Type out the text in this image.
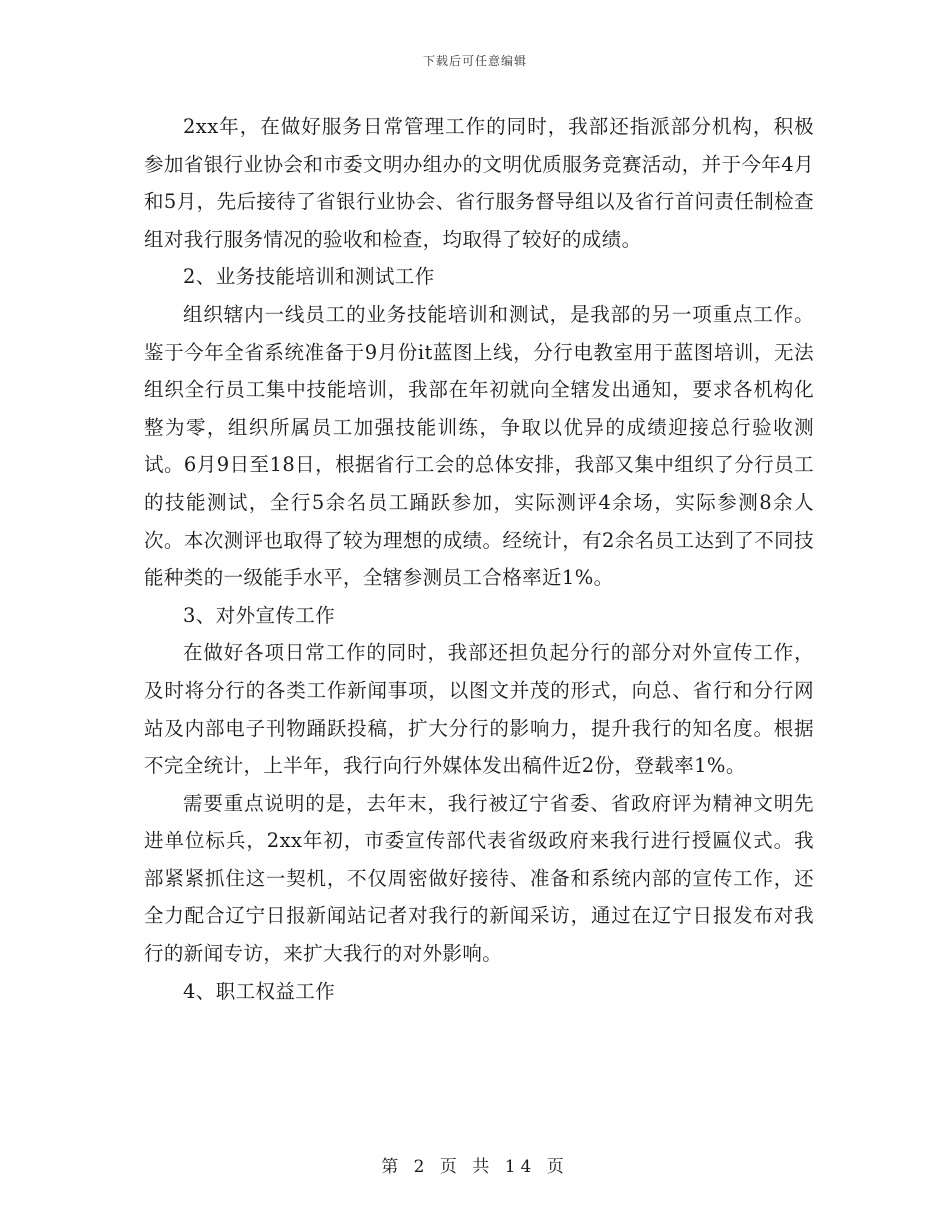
下载后可任意编辑

2xx年，在做好服务日常管理工作的同时，我部还指派部分机构，积极参加省银行业协会和市委文明办组办的文明优质服务竞赛活动，并于今年4月和5月，先后接待了省银行业协会、省行服务督导组以及省行首问责任制检查组对我行服务情况的验收和检查，均取得了较好的成绩。

2、业务技能培训和测试工作

组织辖内一线员工的业务技能培训和测试，是我部的另一项重点工作。鉴于今年全省系统准备于9月份it蓝图上线，分行电教室用于蓝图培训，无法组织全行员工集中技能培训，我部在年初就向全辖发出通知，要求各机构化整为零，组织所属员工加强技能训练，争取以优异的成绩迎接总行验收测试。6月9日至18日，根据省行工会的总体安排，我部又集中组织了分行员工的技能测试，全行5余名员工踊跃参加，实际测评4余场，实际参测8余人次。本次测评也取得了较为理想的成绩。经统计，有2余名员工达到了不同技能种类的一级能手水平，全辖参测员工合格率近1%。

3、对外宣传工作

在做好各项日常工作的同时，我部还担负起分行的部分对外宣传工作，及时将分行的各类工作新闻事项，以图文并茂的形式，向总、省行和分行网站及内部电子刊物踊跃投稿，扩大分行的影响力，提升我行的知名度。根据不完全统计，上半年，我行向行外媒体发出稿件近2份，登载率1%。

需要重点说明的是，去年末，我行被辽宁省委、省政府评为精神文明先进单位标兵，2xx年初，市委宣传部代表省级政府来我行进行授匾仪式。我部紧紧抓住这一契机，不仅周密做好接待、准备和系统内部的宣传工作，还全力配合辽宁日报新闻站记者对我行的新闻采访，通过在辽宁日报发布对我行的新闻专访，来扩大我行的对外影响。

4、职工权益工作

第 2 页 共 14 页
